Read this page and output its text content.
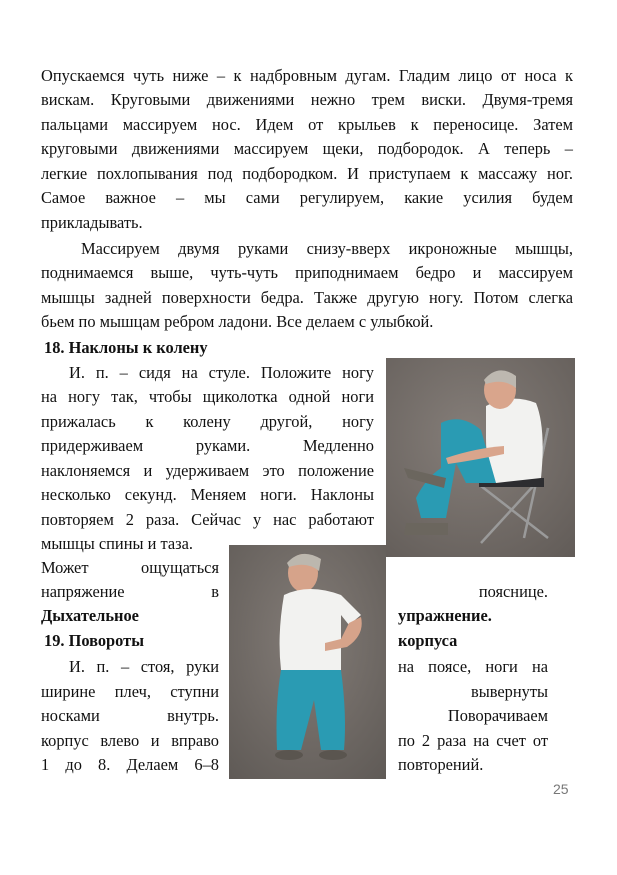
Опускаемся чуть ниже – к надбровным дугам. Гладим лицо от носа к
вискам. Круговыми движениями нежно трем виски. Двумя-тремя
пальцами массируем нос. Идем от крыльев к переносице. Затем
круговыми движениями массируем щеки, подбородок. А теперь –
легкие похлопывания под подбородком. И приступаем к массажу ног.
Самое важное – мы сами регулируем, какие усилия будем
прикладывать.
Массируем двумя руками снизу-вверх икроножные мышцы,
поднимаемся выше, чуть-чуть приподнимаем бедро и массируем
мышцы задней поверхности бедра. Также другую ногу. Потом слегка
бьем по мышцам ребром ладони. Все делаем с улыбкой.
18. Наклоны к колену
И. п. – сидя на стуле. Положите ногу
на ногу так, чтобы щиколотка одной ноги
прижалась к колену другой, ногу
придерживаем руками. Медленно
наклоняемся и удерживаем это положение
несколько секунд. Меняем ноги. Наклоны
повторяем 2 раза. Сейчас у нас работают
мышцы спины и таза.
Может ощущаться
напряжение в	пояснице.
Дыхательное	упражнение.
19. Повороты	корпуса
И. п. – стоя, руки
ширине плеч, ступни
носками внутрь.
корпус влево и вправо
1 до 8. Делаем 6–8
на поясе, ноги на
вывернуты
Поворачиваем
по 2 раза на счет от
повторений.
25
